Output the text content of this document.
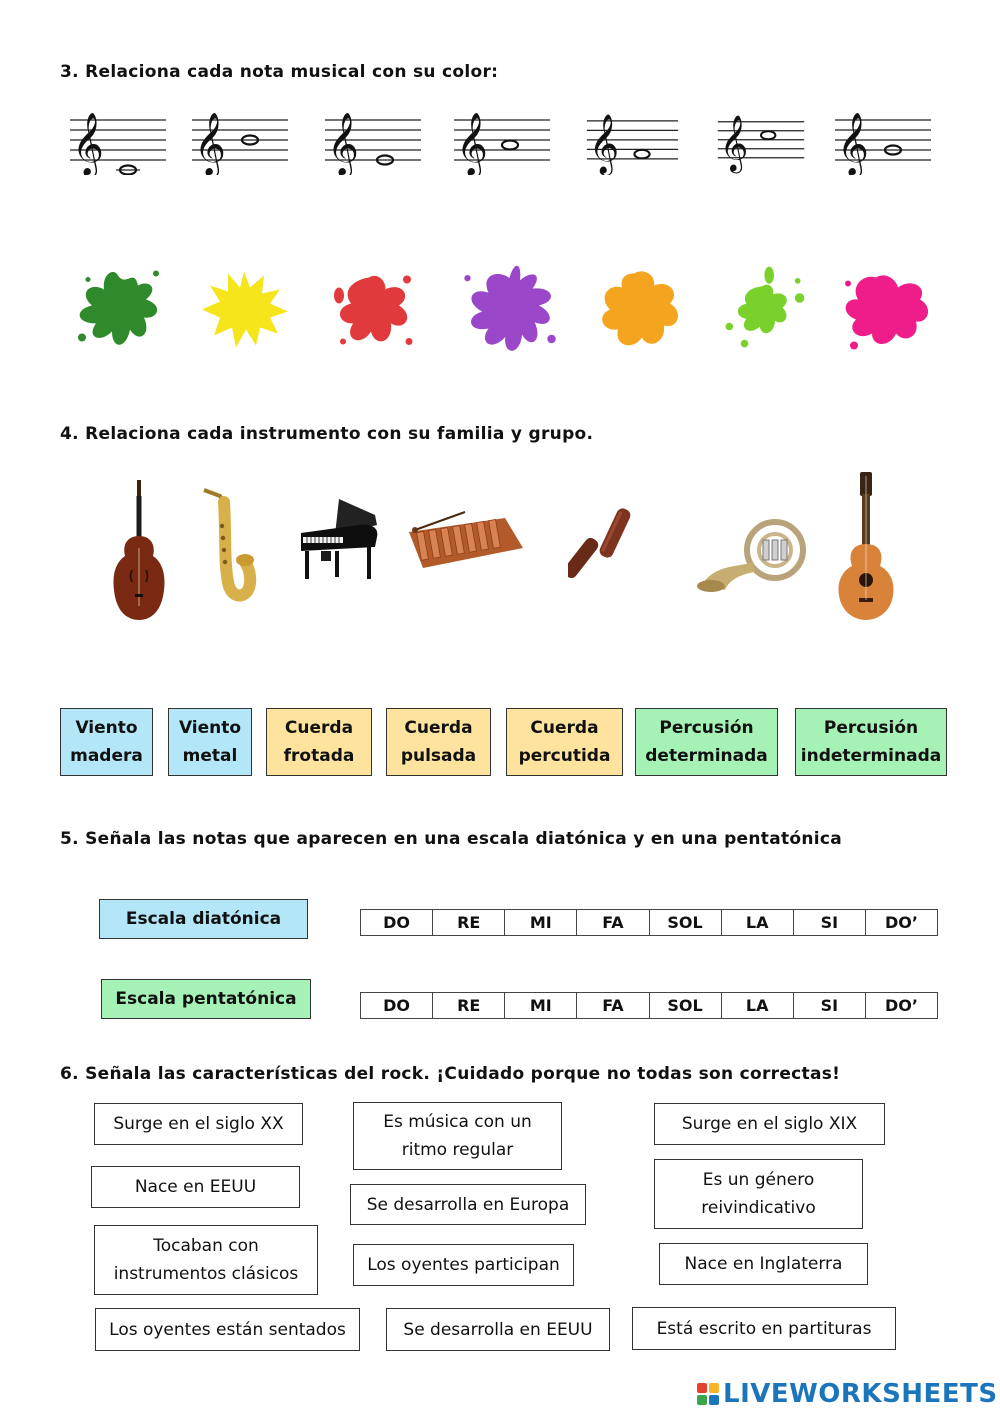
3. Relaciona cada nota musical con su color:
𝄞 𝄞 𝄞 𝄞 𝄞 𝄞 𝄞
4. Relaciona cada instrumento con su familia y grupo.
Viento
madera
Viento
metal
Cuerda
frotada
Cuerda
pulsada
Cuerda
percutida
Percusión
determinada
Percusión
indeterminada
5. Señala las notas que aparecen en una escala diatónica y en una pentatónica
Escala diatónica	DO	RE	MI	FA	SOL	LA	SI	DO’
Escala pentatónica	DO	RE	MI	FA	SOL	LA	SI	DO’
6. Señala las características del rock. ¡Cuidado porque no todas son correctas!
Surge en el siglo XX	Es música con un ritmo regular
Surge en el siglo XIX
Nace en EEUU
Se desarrolla en Europa
Es un género reivindicativo
Tocaban con instrumentos clásicos	Los oyentes participan	Nace en Inglaterra
Los oyentes están sentados	Se desarrolla en EEUU	Está escrito en partituras
LIVEWORKSHEETS
